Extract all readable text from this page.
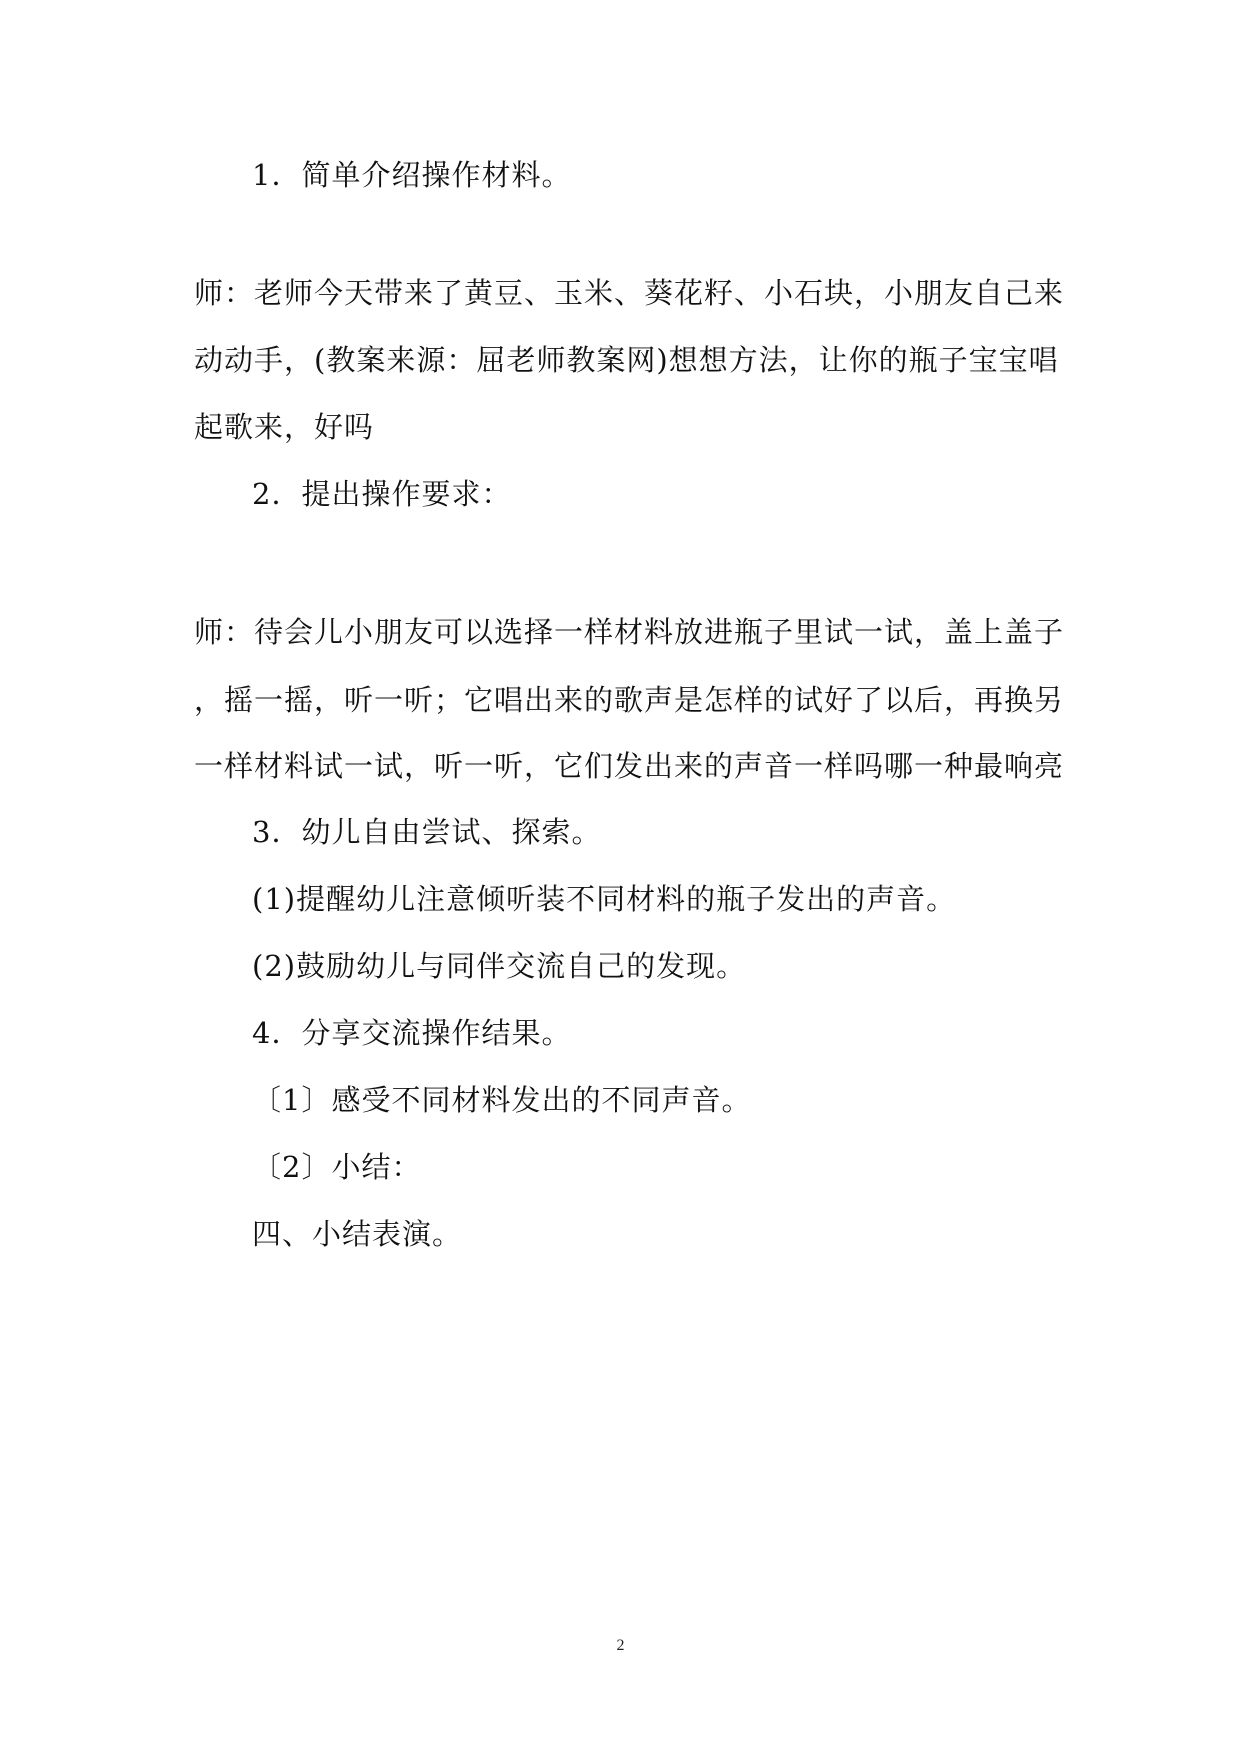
1．简单介绍操作材料。
师：老师今天带来了黄豆、玉米、葵花籽、小石块，小朋友自己来
动动手，(教案来源：屈老师教案网)想想方法，让你的瓶子宝宝唱
起歌来，好吗
2．提出操作要求：
师：待会儿小朋友可以选择一样材料放进瓶子里试一试，盖上盖子
，摇一摇，听一听；它唱出来的歌声是怎样的试好了以后，再换另
一样材料试一试，听一听，它们发出来的声音一样吗哪一种最响亮
3．幼儿自由尝试、探索。
(1)提醒幼儿注意倾听装不同材料的瓶子发出的声音。
(2)鼓励幼儿与同伴交流自己的发现。
4．分享交流操作结果。
〔1〕感受不同材料发出的不同声音。
〔2〕小结：
四、小结表演。
2
